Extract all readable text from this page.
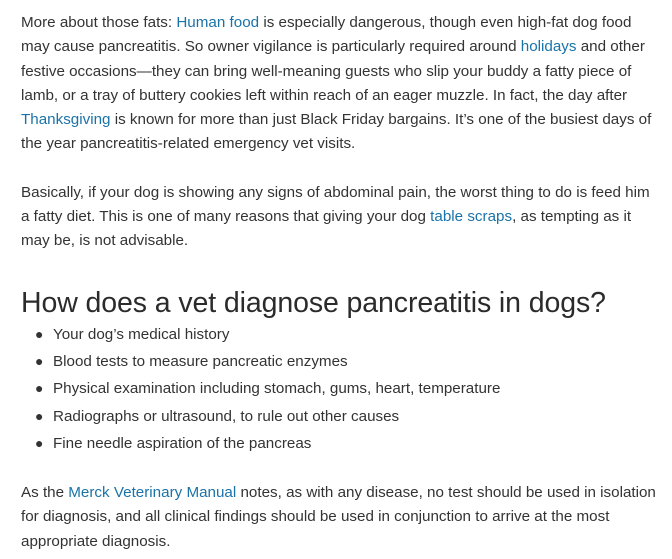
More about those fats: Human food is especially dangerous, though even high-fat dog food may cause pancreatitis. So owner vigilance is particularly required around holidays and other festive occasions—they can bring well-meaning guests who slip your buddy a fatty piece of lamb, or a tray of buttery cookies left within reach of an eager muzzle. In fact, the day after Thanksgiving is known for more than just Black Friday bargains. It’s one of the busiest days of the year pancreatitis-related emergency vet visits.

Basically, if your dog is showing any signs of abdominal pain, the worst thing to do is feed him a fatty diet. This is one of many reasons that giving your dog table scraps, as tempting as it may be, is not advisable.

How does a vet diagnose pancreatitis in dogs?
● Your dog’s medical history
● Blood tests to measure pancreatic enzymes
● Physical examination including stomach, gums, heart, temperature
● Radiographs or ultrasound, to rule out other causes
● Fine needle aspiration of the pancreas

As the Merck Veterinary Manual notes, as with any disease, no test should be used in isolation for diagnosis, and all clinical findings should be used in conjunction to arrive at the most appropriate diagnosis.
